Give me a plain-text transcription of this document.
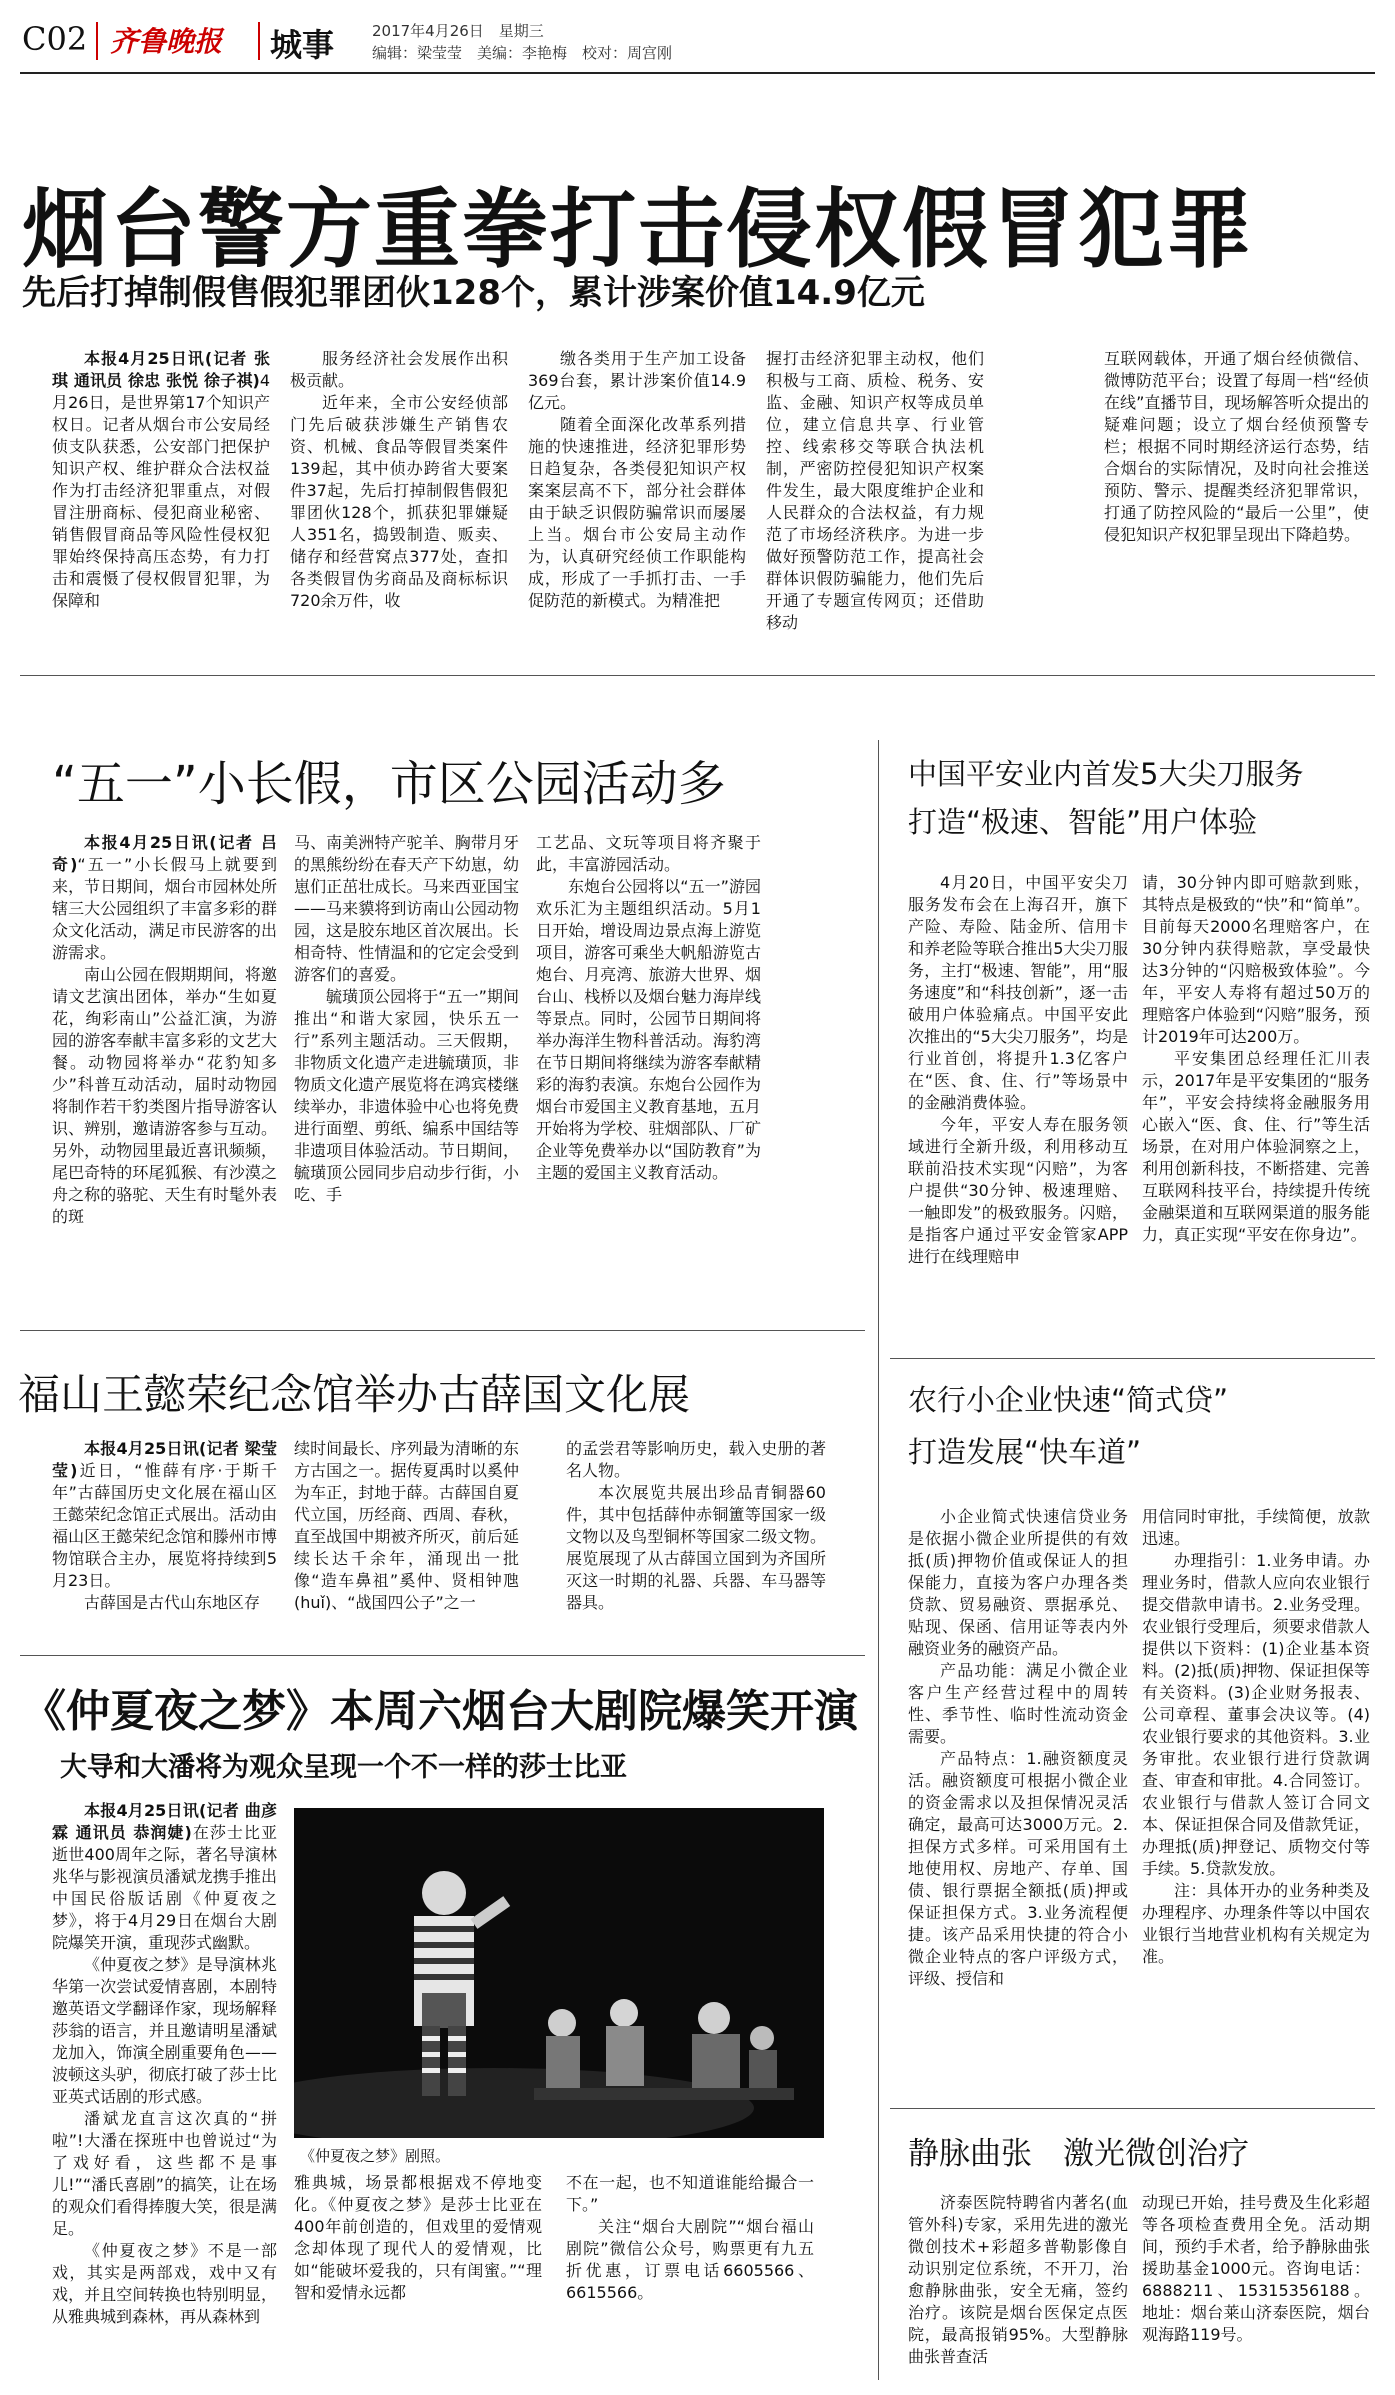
C02 齐鲁晚报 城事	2017年4月26日　星期三
编辑：梁莹莹　美编：李艳梅　校对：周宫刚
烟台警方重拳打击侵权假冒犯罪
先后打掉制假售假犯罪团伙128个，累计涉案价值14.9亿元

本报4月25日讯(记者 张琪 通讯员 徐忠 张悦 徐子祺)4月26日，是世界第17个知识产权日。记者从烟台市公安局经侦支队获悉，公安部门把保护知识产权、维护群众合法权益作为打击经济犯罪重点，对假冒注册商标、侵犯商业秘密、销售假冒商品等风险性侵权犯罪始终保持高压态势，有力打击和震慑了侵权假冒犯罪，为保障和

服务经济社会发展作出积极贡献。

近年来，全市公安经侦部门先后破获涉嫌生产销售农资、机械、食品等假冒类案件139起，其中侦办跨省大要案件37起，先后打掉制假售假犯罪团伙128个，抓获犯罪嫌疑人351名，捣毁制造、贩卖、储存和经营窝点377处，查扣各类假冒伪劣商品及商标标识720余万件，收

缴各类用于生产加工设备369台套，累计涉案价值14.9亿元。

随着全面深化改革系列措施的快速推进，经济犯罪形势日趋复杂，各类侵犯知识产权案案层高不下，部分社会群体由于缺乏识假防骗常识而屡屡上当。烟台市公安局主动作为，认真研究经侦工作职能构成，形成了一手抓打击、一手促防范的新模式。为精准把

握打击经济犯罪主动权，他们积极与工商、质检、税务、安监、金融、知识产权等成员单位，建立信息共享、行业管控、线索移交等联合执法机制，严密防控侵犯知识产权案件发生，最大限度维护企业和人民群众的合法权益，有力规范了市场经济秩序。为进一步做好预警防范工作，提高社会群体识假防骗能力，他们先后开通了专题宣传网页；还借助移动

互联网载体，开通了烟台经侦微信、微博防范平台；设置了每周一档“经侦在线”直播节目，现场解答听众提出的疑难问题；设立了烟台经侦预警专栏；根据不同时期经济运行态势，结合烟台的实际情况，及时向社会推送预防、警示、提醒类经济犯罪常识，打通了防控风险的“最后一公里”，使侵犯知识产权犯罪呈现出下降趋势。

“五一”小长假，市区公园活动多

本报4月25日讯(记者 吕奇)“五一”小长假马上就要到来，节日期间，烟台市园林处所辖三大公园组织了丰富多彩的群众文化活动，满足市民游客的出游需求。

南山公园在假期期间，将邀请文艺演出团体，举办“生如夏花，绚彩南山”公益汇演，为游园的游客奉献丰富多彩的文艺大餐。动物园将举办“花豹知多少”科普互动活动，届时动物园将制作若干豹类图片指导游客认识、辨别，邀请游客参与互动。另外，动物园里最近喜讯频频，尾巴奇特的环尾狐猴、有沙漠之舟之称的骆驼、天生有时髦外表的斑

马、南美洲特产驼羊、胸带月牙的黑熊纷纷在春天产下幼崽，幼崽们正茁壮成长。马来西亚国宝——马来貘将到访南山公园动物园，这是胶东地区首次展出。长相奇特、性情温和的它定会受到游客们的喜爱。

毓璜顶公园将于“五一”期间推出“和谐大家园，快乐五一行”系列主题活动。三天假期，非物质文化遗产走进毓璜顶，非物质文化遗产展览将在鸿宾楼继续举办，非遗体验中心也将免费进行面塑、剪纸、编系中国结等非遗项目体验活动。节日期间，毓璜顶公园同步启动步行街，小吃、手

工艺品、文玩等项目将齐聚于此，丰富游园活动。

东炮台公园将以“五一”游园欢乐汇为主题组织活动。5月1日开始，增设周边景点海上游览项目，游客可乘坐大帆船游览古炮台、月亮湾、旅游大世界、烟台山、栈桥以及烟台魅力海岸线等景点。同时，公园节日期间将举办海洋生物科普活动。海豹湾在节日期间将继续为游客奉献精彩的海豹表演。东炮台公园作为烟台市爱国主义教育基地，五月开始将为学校、驻烟部队、厂矿企业等免费举办以“国防教育”为主题的爱国主义教育活动。

福山王懿荣纪念馆举办古薛国文化展

本报4月25日讯(记者 梁莹莹)近日，“惟薛有序·于斯千年”古薛国历史文化展在福山区王懿荣纪念馆正式展出。活动由福山区王懿荣纪念馆和滕州市博物馆联合主办，展览将持续到5月23日。

古薛国是古代山东地区存

续时间最长、序列最为清晰的东方古国之一。据传夏禹时以奚仲为车正，封地于薛。古薛国自夏代立国，历经商、西周、春秋，直至战国中期被齐所灭，前后延续长达千余年，涌现出一批像“造车鼻祖”奚仲、贤相钟虺(huǐ)、“战国四公子”之一

的孟尝君等影响历史，载入史册的著名人物。

本次展览共展出珍品青铜器60件，其中包括薛仲赤铜簠等国家一级文物以及鸟型铜杯等国家二级文物。展览展现了从古薛国立国到为齐国所灭这一时期的礼器、兵器、车马器等器具。

《仲夏夜之梦》本周六烟台大剧院爆笑开演
大导和大潘将为观众呈现一个不一样的莎士比亚

本报4月25日讯(记者 曲彦霖 通讯员 恭润婕)在莎士比亚逝世400周年之际，著名导演林兆华与影视演员潘斌龙携手推出中国民俗版话剧《仲夏夜之梦》，将于4月29日在烟台大剧院爆笑开演，重现莎式幽默。

《仲夏夜之梦》是导演林兆华第一次尝试爱情喜剧，本剧特邀英语文学翻译作家，现场解释莎翁的语言，并且邀请明星潘斌龙加入，饰演全剧重要角色——波顿这头驴，彻底打破了莎士比亚英式话剧的形式感。

潘斌龙直言这次真的“拼啦”!大潘在探班中也曾说过“为了戏好看，这些都不是事儿!”“潘氏喜剧”的搞笑，让在场的观众们看得捧腹大笑，很是满足。

《仲夏夜之梦》不是一部戏，其实是两部戏，戏中又有戏，并且空间转换也特别明显，从雅典城到森林，再从森林到

《仲夏夜之梦》剧照。

雅典城，场景都根据戏不停地变化。《仲夏夜之梦》是莎士比亚在400年前创造的，但戏里的爱情观念却体现了现代人的爱情观，比如“能破坏爱我的，只有闺蜜。”“理智和爱情永远都

不在一起，也不知道谁能给撮合一下。”

关注“烟台大剧院”“烟台福山剧院”微信公众号，购票更有九五折优惠，订票电话6605566、6615566。

中国平安业内首发5大尖刀服务
打造“极速、智能”用户体验

4月20日，中国平安尖刀服务发布会在上海召开，旗下产险、寿险、陆金所、信用卡和养老险等联合推出5大尖刀服务，主打“极速、智能”，用“服务速度”和“科技创新”，逐一击破用户体验痛点。中国平安此次推出的“5大尖刀服务”，均是行业首创，将提升1.3亿客户在“医、食、住、行”等场景中的金融消费体验。

今年，平安人寿在服务领域进行全新升级，利用移动互联前沿技术实现“闪赔”，为客户提供“30分钟、极速理赔、一触即发”的极致服务。闪赔，是指客户通过平安金管家APP进行在线理赔申

请，30分钟内即可赔款到账，其特点是极致的“快”和“简单”。目前每天2000名理赔客户，在30分钟内获得赔款，享受最快达3分钟的“闪赔极致体验”。今年，平安人寿将有超过50万的理赔客户体验到“闪赔”服务，预计2019年可达200万。

平安集团总经理任汇川表示，2017年是平安集团的“服务年”，平安会持续将金融服务用心嵌入“医、食、住、行”等生活场景，在对用户体验洞察之上，利用创新科技，不断搭建、完善互联网科技平台，持续提升传统金融渠道和互联网渠道的服务能力，真正实现“平安在你身边”。

农行小企业快速“简式贷”
打造发展“快车道”

小企业简式快速信贷业务是依据小微企业所提供的有效抵(质)押物价值或保证人的担保能力，直接为客户办理各类贷款、贸易融资、票据承兑、贴现、保函、信用证等表内外融资业务的融资产品。

产品功能：满足小微企业客户生产经营过程中的周转性、季节性、临时性流动资金需要。

产品特点：1.融资额度灵活。融资额度可根据小微企业的资金需求以及担保情况灵活确定，最高可达3000万元。2.担保方式多样。可采用国有土地使用权、房地产、存单、国债、银行票据全额抵(质)押或保证担保方式。3.业务流程便捷。该产品采用快捷的符合小微企业特点的客户评级方式，评级、授信和

用信同时审批，手续简便，放款迅速。

办理指引：1.业务申请。办理业务时，借款人应向农业银行提交借款申请书。2.业务受理。农业银行受理后，须要求借款人提供以下资料：(1)企业基本资料。(2)抵(质)押物、保证担保等有关资料。(3)企业财务报表、公司章程、董事会决议等。(4)农业银行要求的其他资料。3.业务审批。农业银行进行贷款调查、审查和审批。4.合同签订。农业银行与借款人签订合同文本、保证担保合同及借款凭证，办理抵(质)押登记、质物交付等手续。5.贷款发放。

注：具体开办的业务种类及办理程序、办理条件等以中国农业银行当地营业机构有关规定为准。

静脉曲张　激光微创治疗

济泰医院特聘省内著名(血管外科)专家，采用先进的激光微创技术+彩超多普勒影像自动识别定位系统，不开刀，治愈静脉曲张，安全无痛，签约治疗。该院是烟台医保定点医院，最高报销95%。大型静脉曲张普查活

动现已开始，挂号费及生化彩超等各项检查费用全免。活动期间，预约手术者，给予静脉曲张援助基金1000元。咨询电话：6888211、15315356188。地址：烟台莱山济泰医院，烟台观海路119号。
